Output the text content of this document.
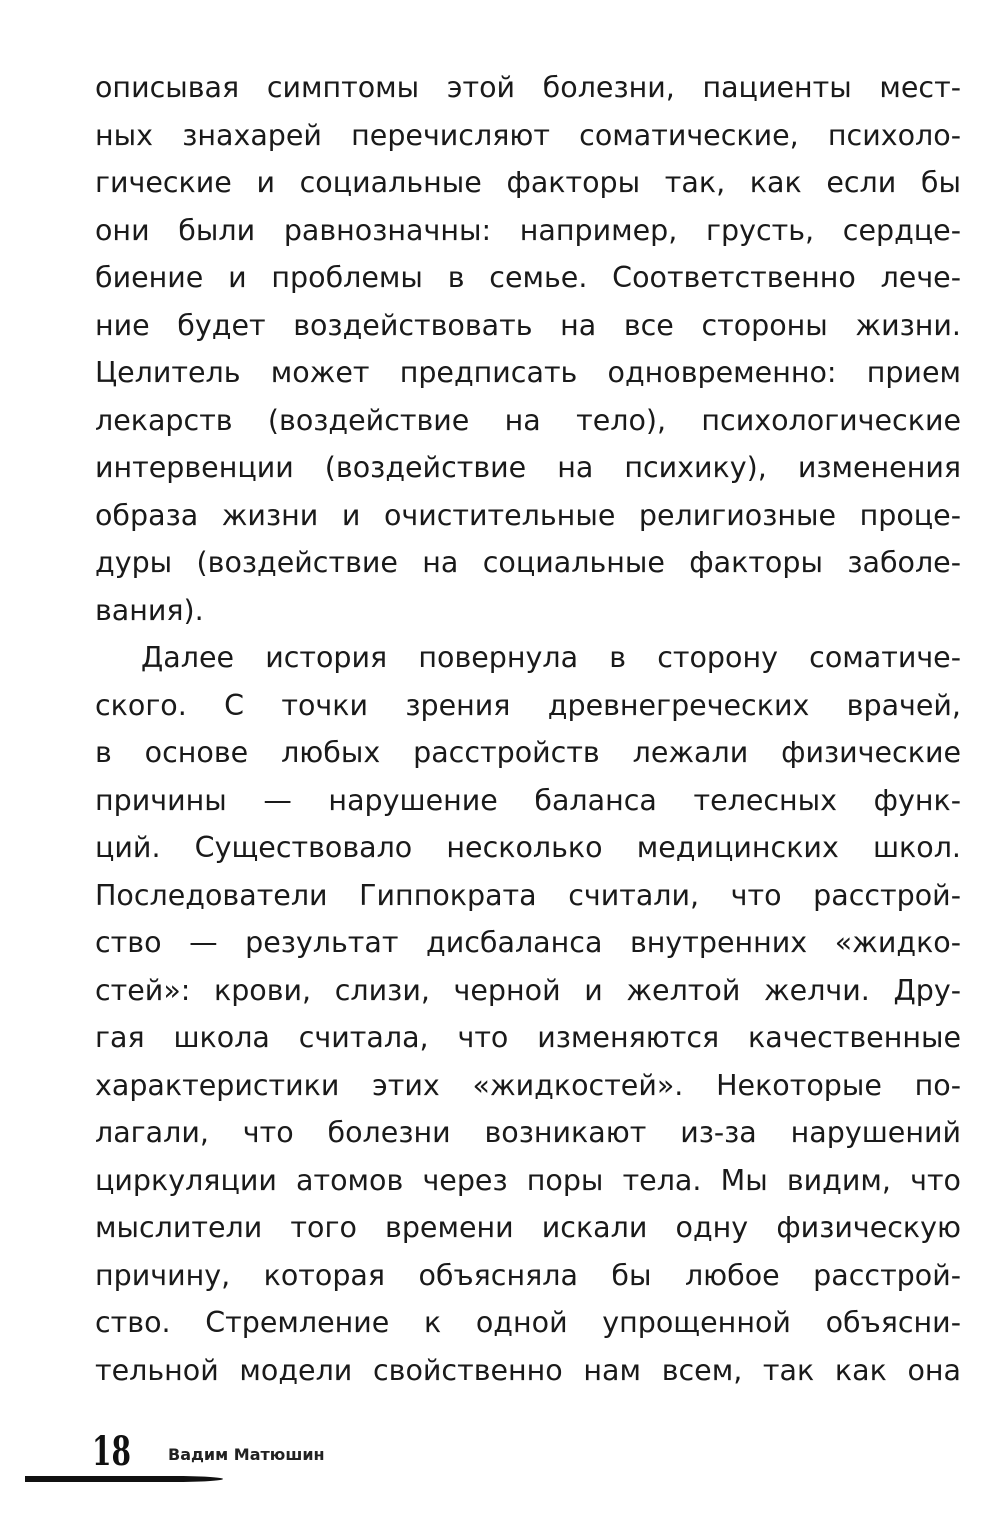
описывая симптомы этой болезни, пациенты мест-
ных знахарей перечисляют соматические, психоло-
гические и социальные факторы так, как если бы
они были равнозначны: например, грусть, сердце-
биение и проблемы в семье. Соответственно лече-
ние будет воздействовать на все стороны жизни.
Целитель может предписать одновременно: прием
лекарств (воздействие на тело), психологические
интервенции (воздействие на психику), изменения
образа жизни и очистительные религиозные проце-
дуры (воздействие на социальные факторы заболе-
вания).
Далее история повернула в сторону соматиче-
ского. С точки зрения древнегреческих врачей,
в основе любых расстройств лежали физические
причины — нарушение баланса телесных функ-
ций. Существовало несколько медицинских школ.
Последователи Гиппократа считали, что расстрой-
ство — результат дисбаланса внутренних «жидко-
стей»: крови, слизи, черной и желтой желчи. Дру-
гая школа считала, что изменяются качественные
характеристики этих «жидкостей». Некоторые по-
лагали, что болезни возникают из-за нарушений
циркуляции атомов через поры тела. Мы видим, что
мыслители того времени искали одну физическую
причину, которая объясняла бы любое расстрой-
ство. Стремление к одной упрощенной объясни-
тельной модели свойственно нам всем, так как она
18 Вадим Матюшин
